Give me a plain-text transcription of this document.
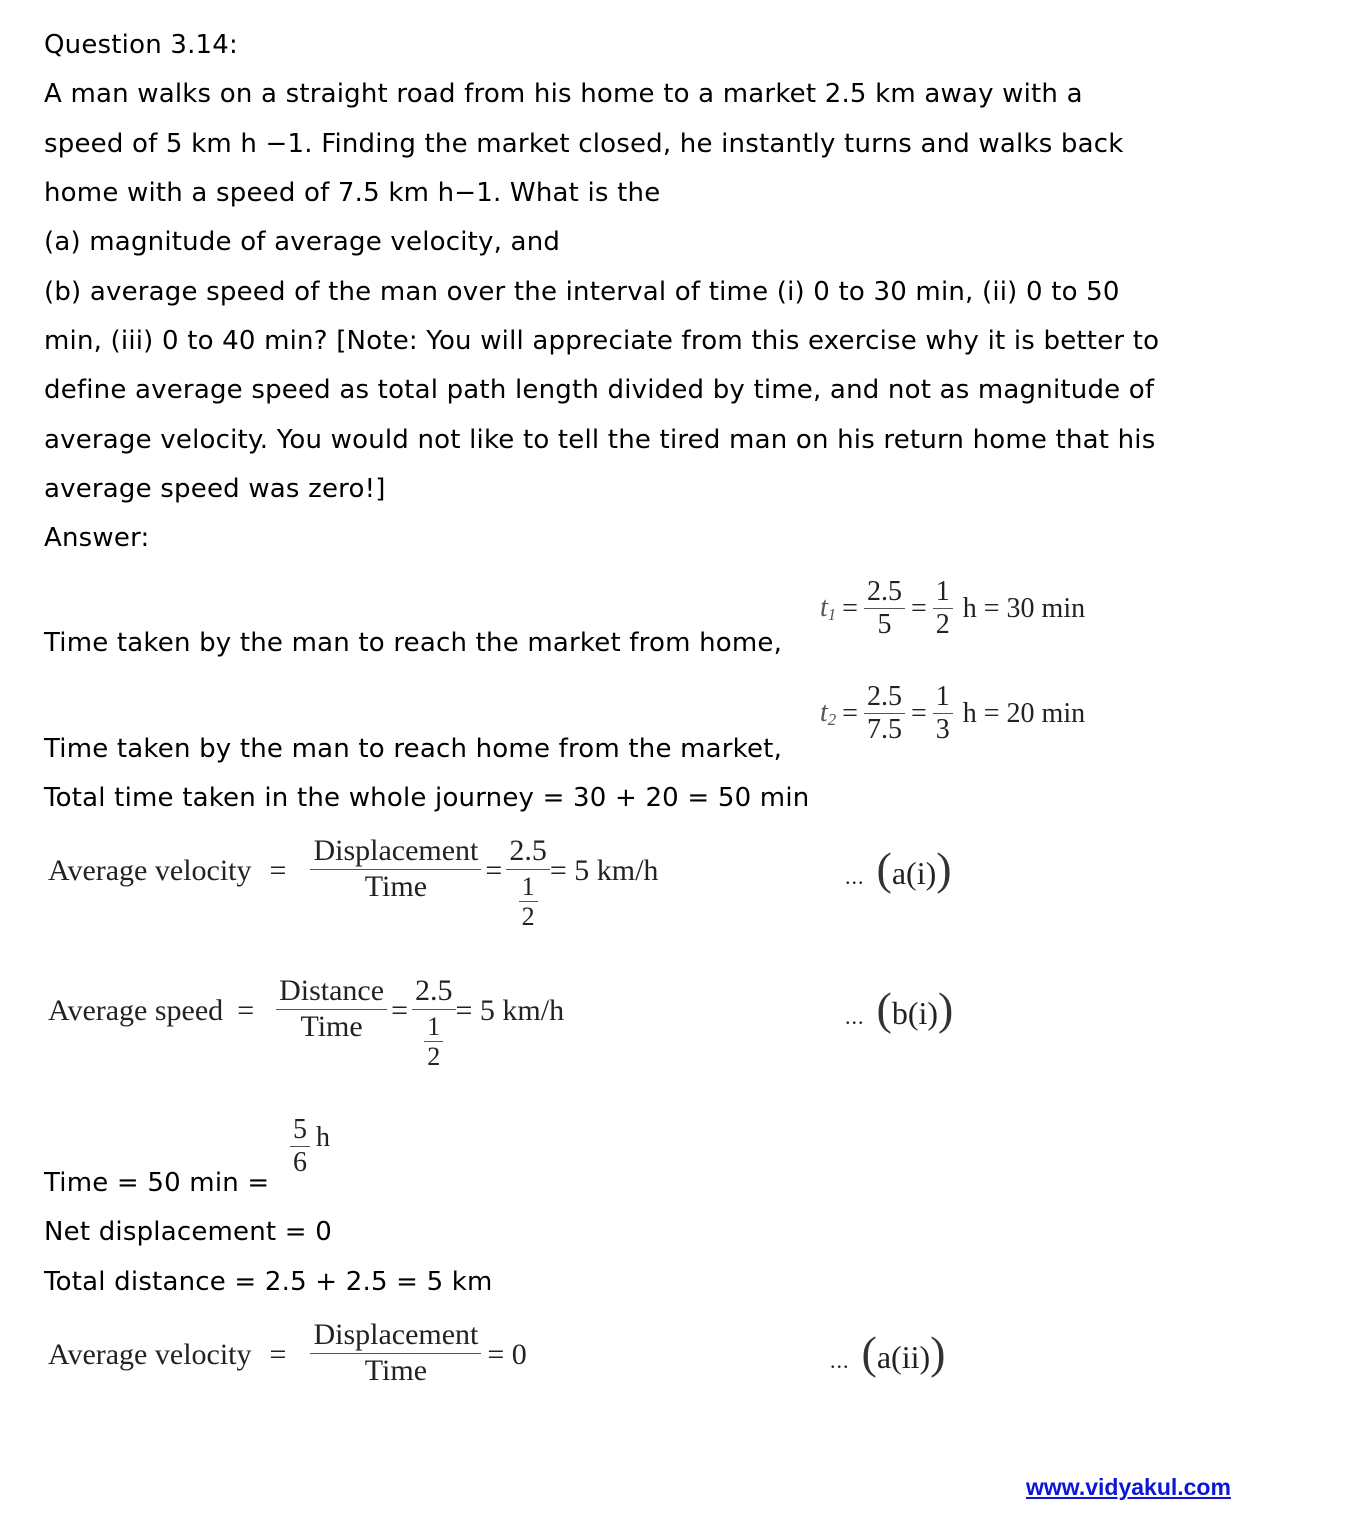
Question 3.14:
A man walks on a straight road from his home to a market 2.5 km away with a
speed of 5 km h −1. Finding the market closed, he instantly turns and walks back
home with a speed of 7.5 km h−1. What is the
(a) magnitude of average velocity, and
(b) average speed of the man over the interval of time (i) 0 to 30 min, (ii) 0 to 50
min, (iii) 0 to 40 min? [Note: You will appreciate from this exercise why it is better to
define average speed as total path length divided by time, and not as magnitude of
average velocity. You would not like to tell the tired man on his return home that his
average speed was zero!]
Answer:
Time taken by the man to reach the market from home,
$t_1 = \frac{2.5}{5} = \frac{1}{2}$ h = 30 min
Time taken by the man to reach home from the market,
$t_2 = \frac{2.5}{7.5} = \frac{1}{3}$ h = 20 min
Total time taken in the whole journey = 30 + 20 = 50 min
Average velocity = $\frac{\text{Displacement}}{\text{Time}} = \frac{2.5}{\frac{1}{2}} = 5$ km/h	... (a(i))
Average speed = $\frac{\text{Distance}}{\text{Time}} = \frac{2.5}{\frac{1}{2}} = 5$ km/h	... (b(i))
Time = 50 min =
$\frac{5}{6}$ h
Net displacement = 0
Total distance = 2.5 + 2.5 = 5 km
Average velocity = $\frac{\text{Displacement}}{\text{Time}} = 0$	... (a(ii))
www.vidyakul.com
